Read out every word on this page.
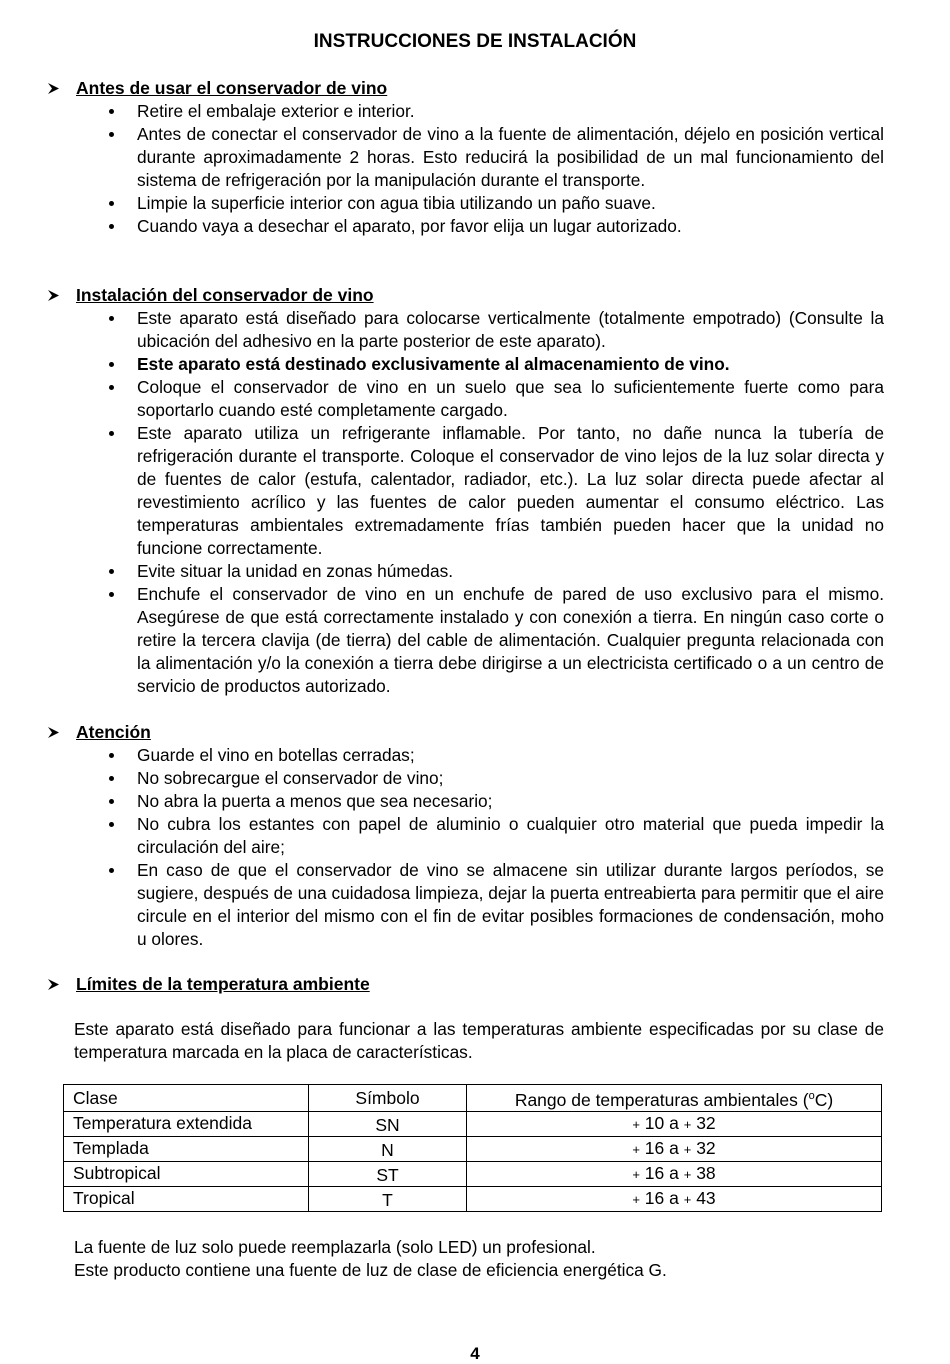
INSTRUCCIONES DE INSTALACIÓN
Antes de usar el conservador de vino
Retire el embalaje exterior e interior.
Antes de conectar el conservador de vino a la fuente de alimentación, déjelo en posición vertical durante aproximadamente 2 horas. Esto reducirá la posibilidad de un mal funcionamiento del sistema de refrigeración por la manipulación durante el transporte.
Limpie la superficie interior con agua tibia utilizando un paño suave.
Cuando vaya a desechar el aparato, por favor elija un lugar autorizado.
Instalación del conservador de vino
Este aparato está diseñado para colocarse verticalmente (totalmente empotrado) (Consulte la ubicación del adhesivo en la parte posterior de este aparato).
Este aparato está destinado exclusivamente al almacenamiento de vino.
Coloque el conservador de vino en un suelo que sea lo suficientemente fuerte como para soportarlo cuando esté completamente cargado.
Este aparato utiliza un refrigerante inflamable. Por tanto, no dañe nunca la tubería de refrigeración durante el transporte. Coloque el conservador de vino lejos de la luz solar directa y de fuentes de calor (estufa, calentador, radiador, etc.). La luz solar directa puede afectar al revestimiento acrílico y las fuentes de calor pueden aumentar el consumo eléctrico. Las temperaturas ambientales extremadamente frías también pueden hacer que la unidad no funcione correctamente.
Evite situar la unidad en zonas húmedas.
Enchufe el conservador de vino en un enchufe de pared de uso exclusivo para el mismo. Asegúrese de que está correctamente instalado y con conexión a tierra. En ningún caso corte o retire la tercera clavija (de tierra) del cable de alimentación. Cualquier pregunta relacionada con la alimentación y/o la conexión a tierra debe dirigirse a un electricista certificado o a un centro de servicio de productos autorizado.
Atención
Guarde el vino en botellas cerradas;
No sobrecargue el conservador de vino;
No abra la puerta a menos que sea necesario;
No cubra los estantes con papel de aluminio o cualquier otro material que pueda impedir la circulación del aire;
En caso de que el conservador de vino se almacene sin utilizar durante largos períodos, se sugiere, después de una cuidadosa limpieza, dejar la puerta entreabierta para permitir que el aire circule en el interior del mismo con el fin de evitar posibles formaciones de condensación, moho u olores.
Límites de la temperatura ambiente
Este aparato está diseñado para funcionar a las temperaturas ambiente especificadas por su clase de temperatura marcada en la placa de características.
Clase	Símbolo	Rango de temperaturas ambientales ($^o$C)
Temperatura extendida	SN	+ 10 a + 32
Templada	N	+ 16 a + 32
Subtropical	ST	+ 16 a + 38
Tropical	T	+ 16 a + 43
La fuente de luz solo puede reemplazarla (solo LED) un profesional.
Este producto contiene una fuente de luz de clase de eficiencia energética G.
4
